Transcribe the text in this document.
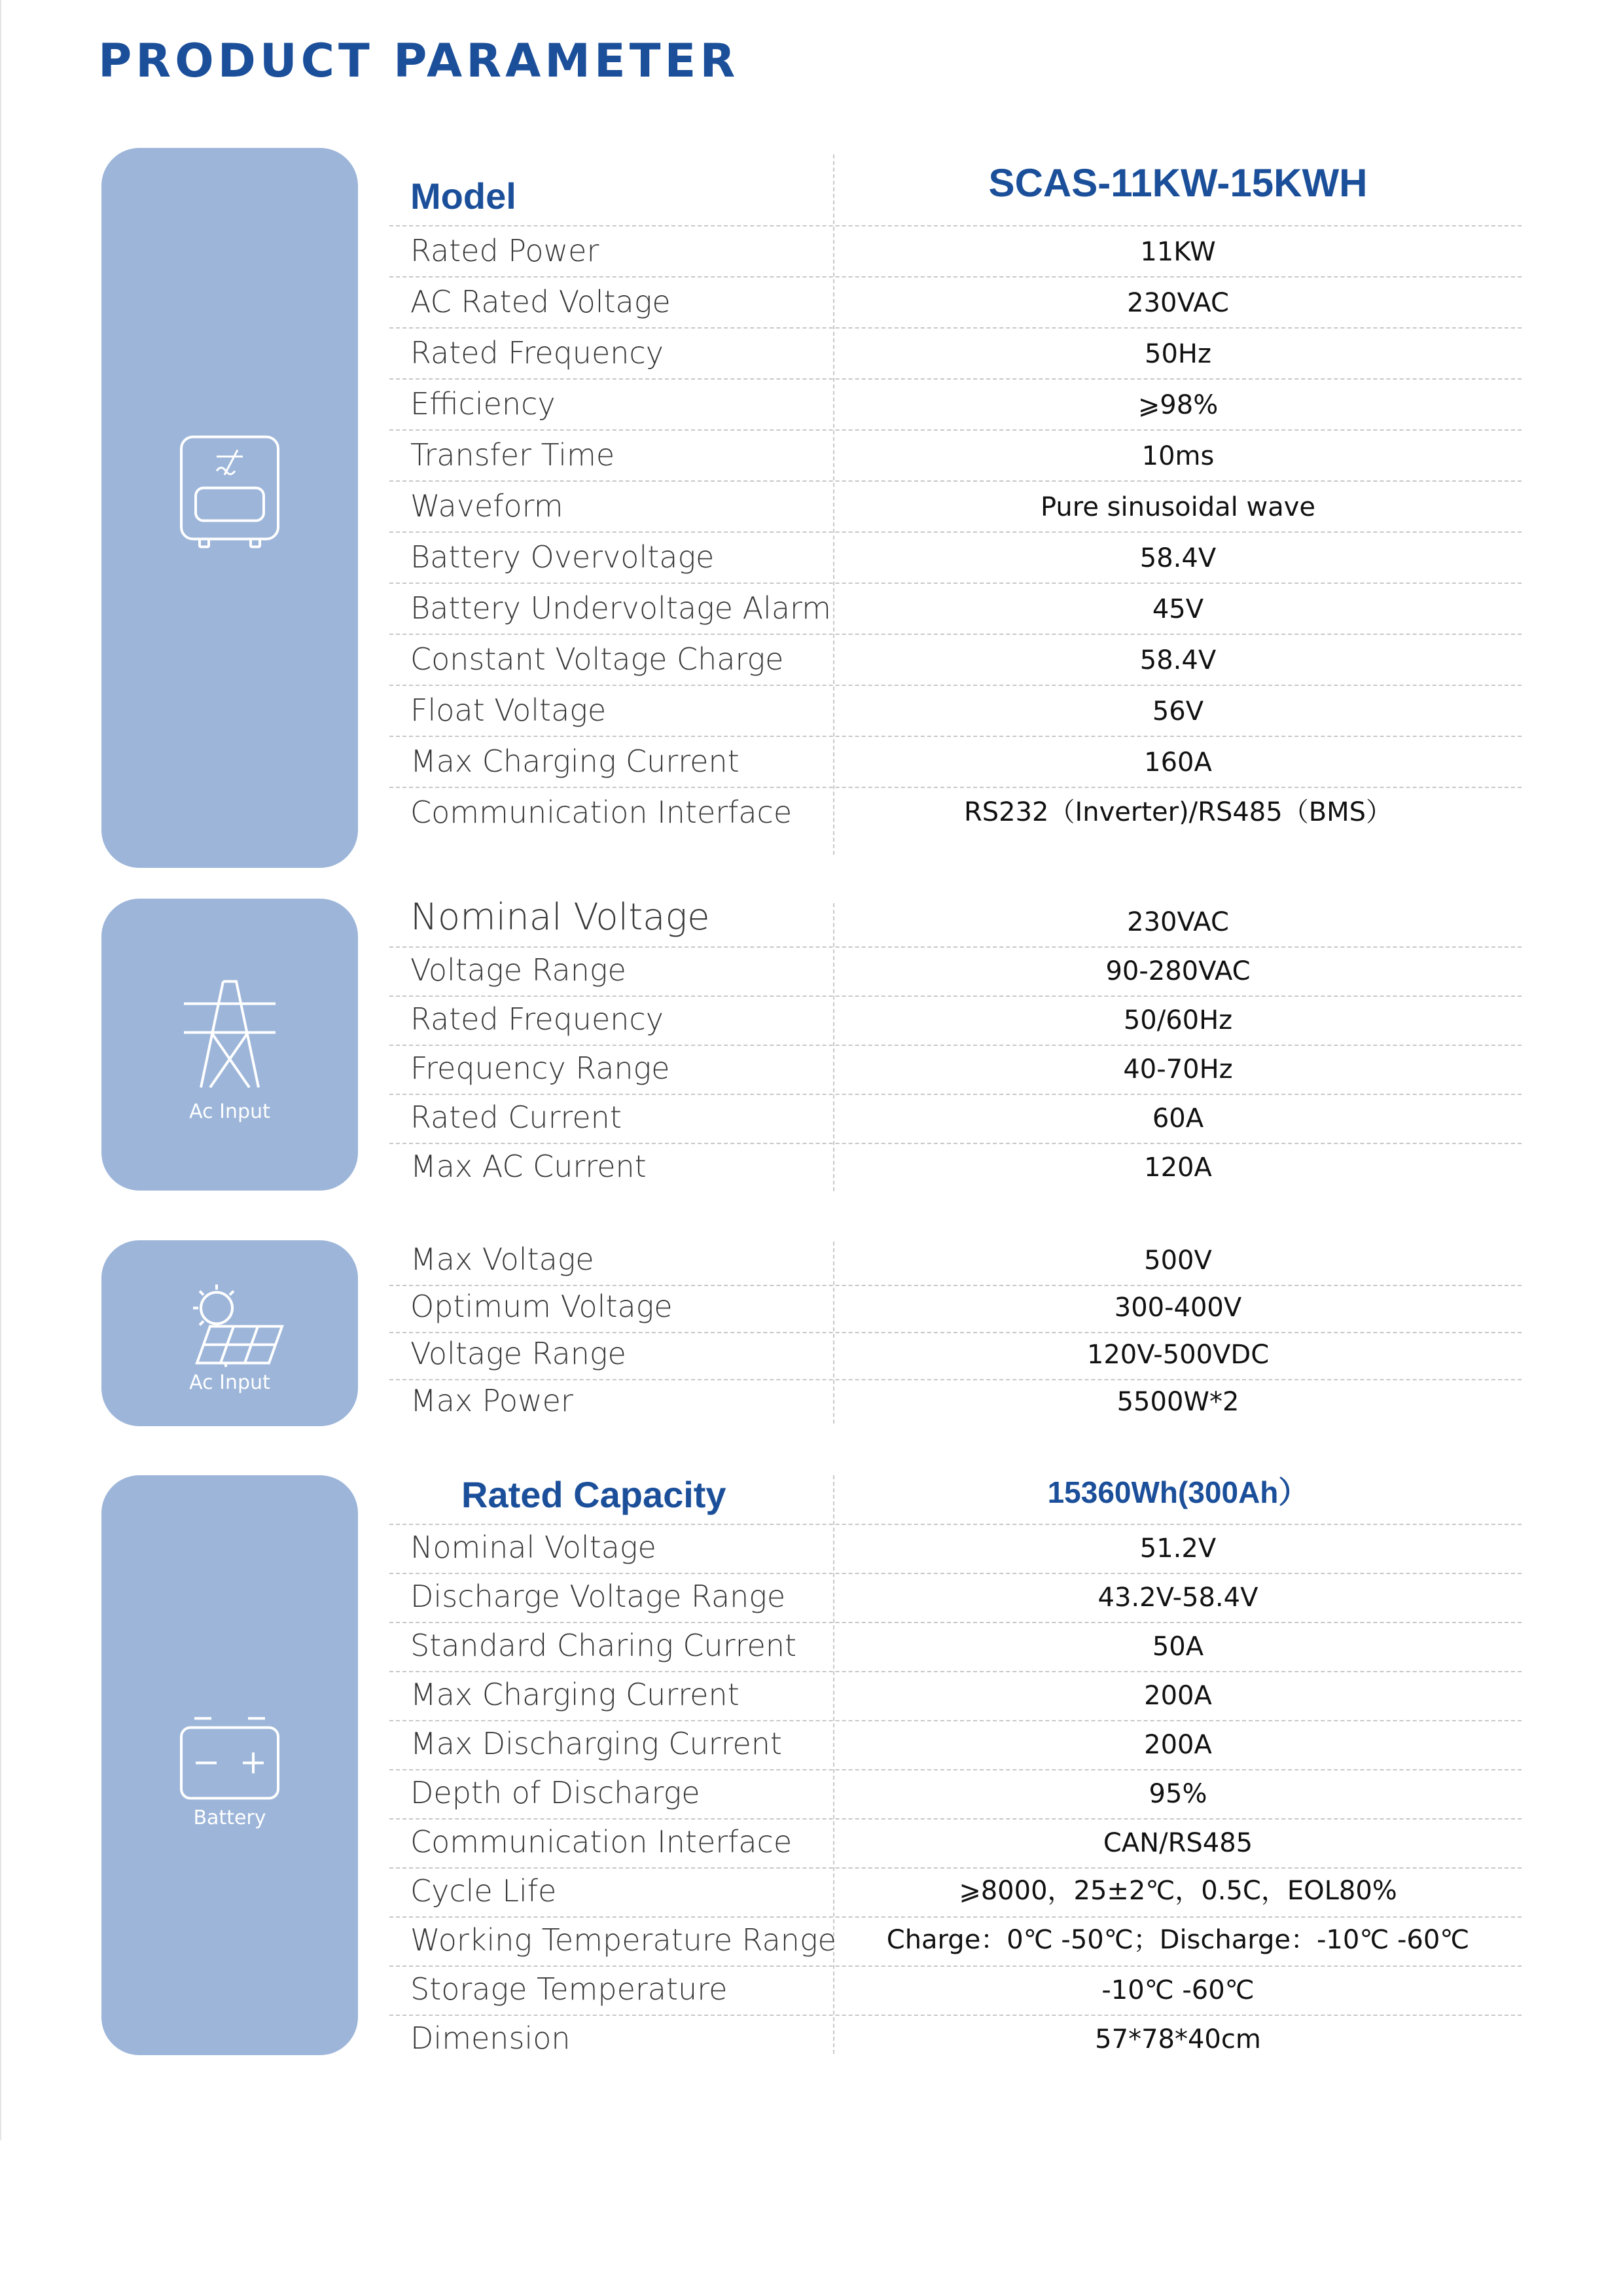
PRODUCT PARAMETER
Ac Input
Ac Input
Battery
Model	SCAS-11KW-15KWH
Rated Power	11KW
AC Rated Voltage	230VAC
Rated Frequency	50Hz
Efficiency	⩾98%
Transfer Time	10ms
Waveform	Pure sinusoidal wave
Battery Overvoltage	58.4V
Battery Undervoltage Alarm	45V
Constant Voltage Charge	58.4V
Float Voltage	56V
Max Charging Current	160A
Communication Interface	RS232（Inverter)/RS485（BMS）
Nominal Voltage	230VAC
Voltage Range	90-280VAC
Rated Frequency	50/60Hz
Frequency Range	40-70Hz
Rated Current	60A
Max AC Current	120A
Max Voltage	500V
Optimum Voltage	300-400V
Voltage Range	120V-500VDC
Max Power	5500W*2
Rated Capacity	15360Wh(300Ah）
Nominal Voltage	51.2V
Discharge Voltage Range	43.2V-58.4V
Standard Charing Current	50A
Max Charging Current	200A
Max Discharging Current	200A
Depth of Discharge	95%
Communication Interface	CAN/RS485
Cycle Life	⩾8000，25±2℃，0.5C，EOL80%
Working Temperature Range	Charge：0℃ -50℃；Discharge：-10℃ -60℃
Storage Temperature	-10℃ -60℃
Dimension	57*78*40cm
